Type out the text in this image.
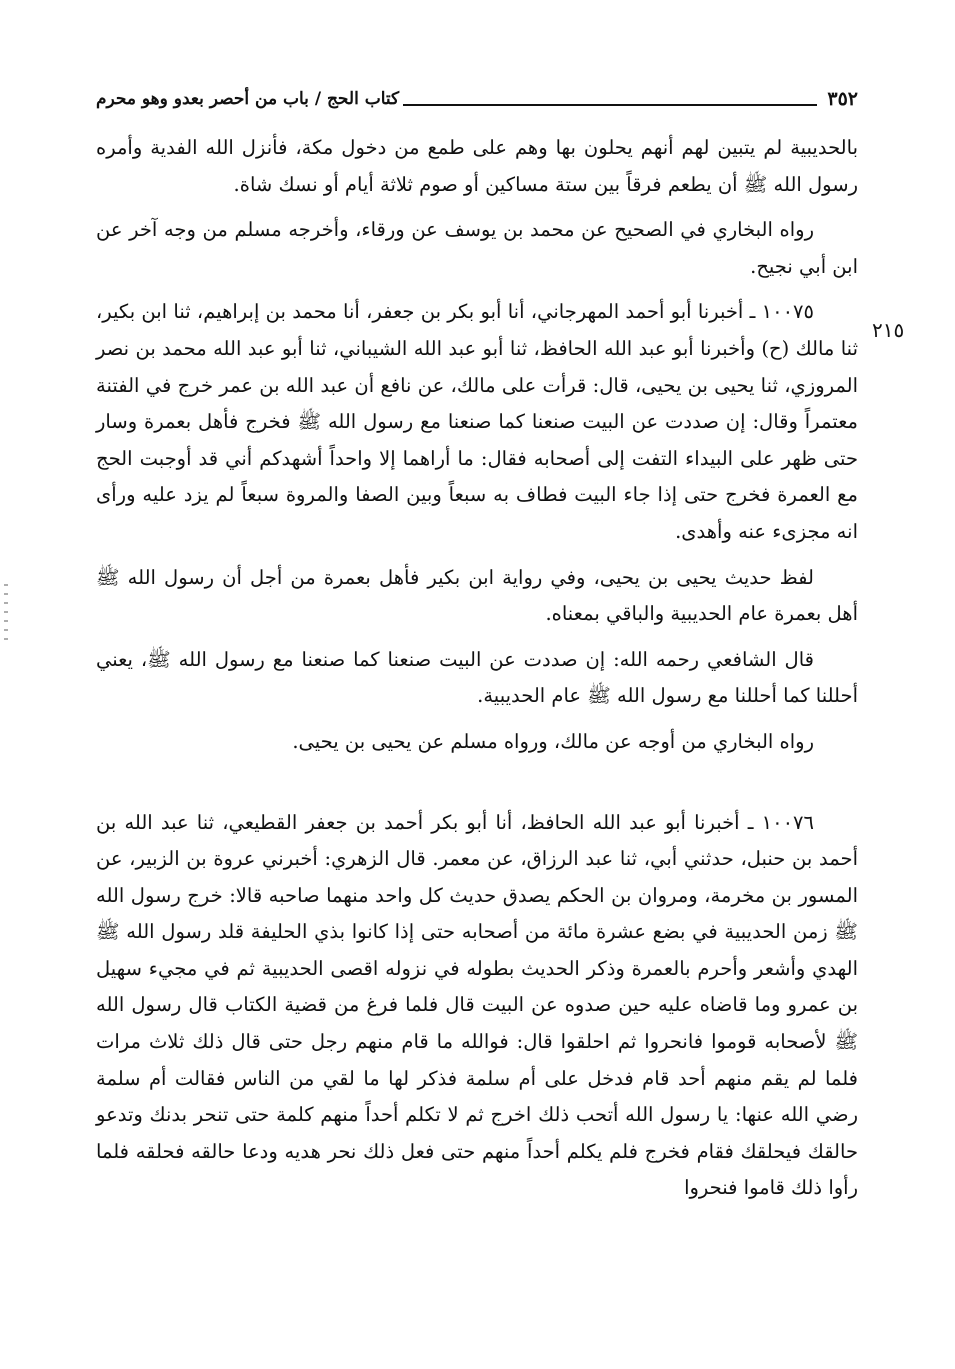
٣٥٢
كتاب الحج / باب من أحصر بعدو وهو محرم
٢١٥

بالحديبية لم يتبين لهم أنهم يحلون بها وهم على طمع من دخول مكة، فأنزل الله الفدية وأمره رسول الله ﷺ أن يطعم فرقاً بين ستة مساكين أو صوم ثلاثة أيام أو نسك شاة.

رواه البخاري في الصحيح عن محمد بن يوسف عن ورقاء، وأخرجه مسلم من وجه آخر عن ابن أبي نجيح.

١٠٠٧٥ ـ أخبرنا أبو أحمد المهرجاني، أنا أبو بكر بن جعفر، أنا محمد بن إبراهيم، ثنا ابن بكير، ثنا مالك (ح) وأخبرنا أبو عبد الله الحافظ، ثنا أبو عبد الله الشيباني، ثنا أبو عبد الله محمد بن نصر المروزي، ثنا يحيى بن يحيى، قال: قرأت على مالك، عن نافع أن عبد الله بن عمر خرج في الفتنة معتمراً وقال: إن صددت عن البيت صنعنا كما صنعنا مع رسول الله ﷺ فخرج فأهل بعمرة وسار حتى ظهر على البيداء التفت إلى أصحابه فقال: ما أراهما إلا واحداً أشهدكم أني قد أوجبت الحج مع العمرة فخرج حتى إذا جاء البيت فطاف به سبعاً وبين الصفا والمروة سبعاً لم يزد عليه ورأى انه مجزىء عنه وأهدى.

لفظ حديث يحيى بن يحيى، وفي رواية ابن بكير فأهل بعمرة من أجل أن رسول الله ﷺ أهل بعمرة عام الحديبية والباقي بمعناه.

قال الشافعي رحمه الله: إن صددت عن البيت صنعنا كما صنعنا مع رسول الله ﷺ، يعني أحللنا كما أحللنا مع رسول الله ﷺ عام الحديبية.

رواه البخاري من أوجه عن مالك، ورواه مسلم عن يحيى بن يحيى.

١٠٠٧٦ ـ أخبرنا أبو عبد الله الحافظ، أنا أبو بكر أحمد بن جعفر القطيعي، ثنا عبد الله بن أحمد بن حنبل، حدثني أبي، ثنا عبد الرزاق، عن معمر. قال الزهري: أخبرني عروة بن الزبير، عن المسور بن مخرمة، ومروان بن الحكم يصدق حديث كل واحد منهما صاحبه قالا: خرج رسول الله ﷺ زمن الحديبية في بضع عشرة مائة من أصحابه حتى إذا كانوا بذي الحليفة قلد رسول الله ﷺ الهدي وأشعر وأحرم بالعمرة وذكر الحديث بطوله في نزوله اقصى الحديبية ثم في مجيء سهيل بن عمرو وما قاضاه عليه حين صدوه عن البيت قال فلما فرغ من قضية الكتاب قال رسول الله ﷺ لأصحابه قوموا فانحروا ثم احلقوا قال: فوالله ما قام منهم رجل حتى قال ذلك ثلاث مرات فلما لم يقم منهم أحد قام فدخل على أم سلمة فذكر لها ما لقي من الناس فقالت أم سلمة رضي الله عنها: يا رسول الله أتحب ذلك اخرج ثم لا تكلم أحداً منهم كلمة حتى تنحر بدنك وتدعو حالقك فيحلقك فقام فخرج فلم يكلم أحداً منهم حتى فعل ذلك نحر هديه ودعا حالقه فحلقه فلما رأوا ذلك قاموا فنحروا
